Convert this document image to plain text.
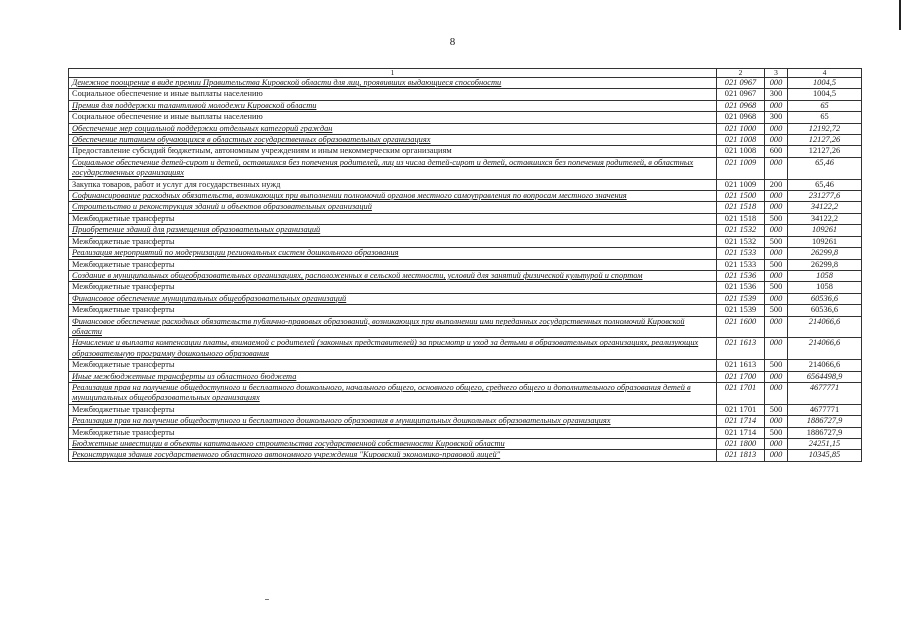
8
1	2	3	4
Денежное поощрение в виде премии Правительства Кировской области для лиц, проявивших выдающиеся способности	021 0967	000	1004,5
Социальное обеспечение и иные выплаты населению	021 0967	300	1004,5
Премия для поддержки талантливой молодежи Кировской области	021 0968	000	65
Социальное обеспечение и иные выплаты населению	021 0968	300	65
Обеспечение мер социальной поддержки отдельных категорий граждан	021 1000	000	12192,72
Обеспечение питанием обучающихся в областных государственных образовательных организациях	021 1008	000	12127,26
Предоставление субсидий бюджетным, автономным учреждениям и иным некоммерческим организациям	021 1008	600	12127,26
Социальное обеспечение детей-сирот и детей, оставшихся без попечения родителей, лиц из числа детей-сирот и детей, оставшихся без попечения родителей, в областных государственных организациях	021 1009	000	65,46
Закупка товаров, работ и услуг для государственных нужд	021 1009	200	65,46
Софинансирование расходных обязательств, возникающих при выполнении полномочий органов местного самоуправления по вопросам местного значения	021 1500	000	231277,6
Строительство и реконструкция зданий и объектов образовательных организаций	021 1518	000	34122,2
Межбюджетные трансферты	021 1518	500	34122,2
Приобретение зданий для размещения образовательных организаций	021 1532	000	109261
Межбюджетные трансферты	021 1532	500	109261
Реализация мероприятий по модернизации региональных систем дошкольного образования	021 1533	000	26299,8
Межбюджетные трансферты	021 1533	500	26299,8
Создание в муниципальных общеобразовательных организациях, расположенных в сельской местности, условий для занятий физической культурой и спортом	021 1536	000	1058
Межбюджетные трансферты	021 1536	500	1058
Финансовое обеспечение муниципальных общеобразовательных организаций	021 1539	000	60536,6
Межбюджетные трансферты	021 1539	500	60536,6
Финансовое обеспечение расходных обязательств публично-правовых образований, возникающих при выполнении ими переданных государственных полномочий Кировской области	021 1600	000	214066,6
Начисление и выплата компенсации платы, взимаемой с родителей (законных представителей) за присмотр и уход за детьми в образовательных организациях, реализующих образовательную программу дошкольного образования	021 1613	000	214066,6
Межбюджетные трансферты	021 1613	500	214066,6
Иные межбюджетные трансферты из областного бюджета	021 1700	000	6564498,9
Реализация прав на получение общедоступного и бесплатного дошкольного, начального общего, основного общего, среднего общего и дополнительного образования детей в муниципальных общеобразовательных организациях	021 1701	000	4677771
Межбюджетные трансферты	021 1701	500	4677771
Реализация прав на получение общедоступного и бесплатного дошкольного образования в муниципальных дошкольных образовательных организациях	021 1714	000	1886727,9
Межбюджетные трансферты	021 1714	500	1886727,9
Бюджетные инвестиции в объекты капитального строительства государственной собственности Кировской области	021 1800	000	24251,15
Реконструкция здания государственного областного автономного учреждения "Кировский экономико-правовой лицей"	021 1813	000	10345,85
